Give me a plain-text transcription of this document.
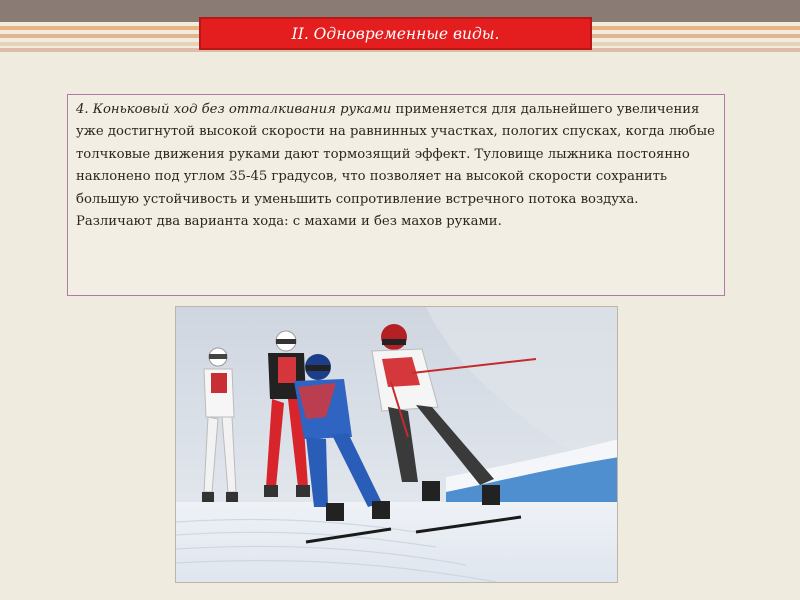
II. Одновременные виды.
4. Коньковый ход без отталкивания руками применяется для дальнейшего увеличения уже достигнутой высокой скорости на равнинных участках, пологих спусках, когда любые толчковые движения руками дают тормозящий эффект. Туловище лыжника постоянно наклонено под углом 35-45 градусов, что позволяет на высокой скорости сохранить большую устойчивость и уменьшить сопротивление встречного потока воздуха. Различают два варианта хода: с махами и без махов руками.
